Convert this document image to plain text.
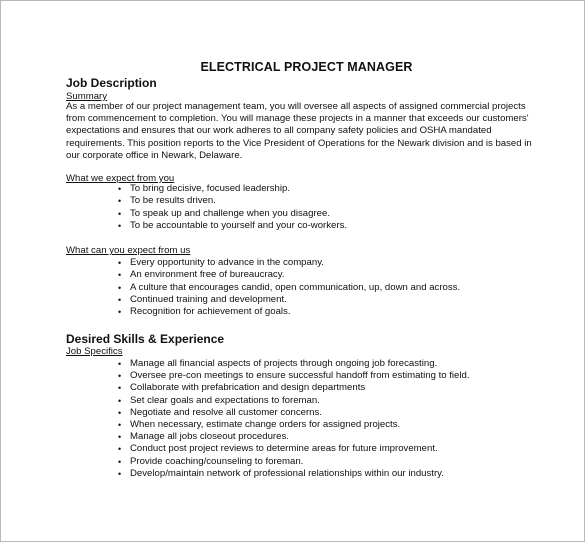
ELECTRICAL PROJECT MANAGER
Job Description
Summary
As a member of our project management team, you will oversee all aspects of assigned commercial projects from commencement to completion. You will manage these projects in a manner that exceeds our customers' expectations and ensures that our work adheres to all company safety policies and OSHA mandated requirements. This position reports to the Vice President of Operations for the Newark division and is based in our corporate office in Newark, Delaware.
What we expect from you
• To bring decisive, focused leadership.
• To be results driven.
• To speak up and challenge when you disagree.
• To be accountable to yourself and your co-workers.
What can you expect from us
• Every opportunity to advance in the company.
• An environment free of bureaucracy.
• A culture that encourages candid, open communication, up, down and across.
• Continued training and development.
• Recognition for achievement of goals.
Desired Skills & Experience
Job Specifics
• Manage all financial aspects of projects through ongoing job forecasting.
• Oversee pre-con meetings to ensure successful handoff from estimating to field.
• Collaborate with prefabrication and design departments
• Set clear goals and expectations to foreman.
• Negotiate and resolve all customer concerns.
• When necessary, estimate change orders for assigned projects.
• Manage all jobs closeout procedures.
• Conduct post project reviews to determine areas for future improvement.
• Provide coaching/counseling to foreman.
• Develop/maintain network of professional relationships within our industry.
